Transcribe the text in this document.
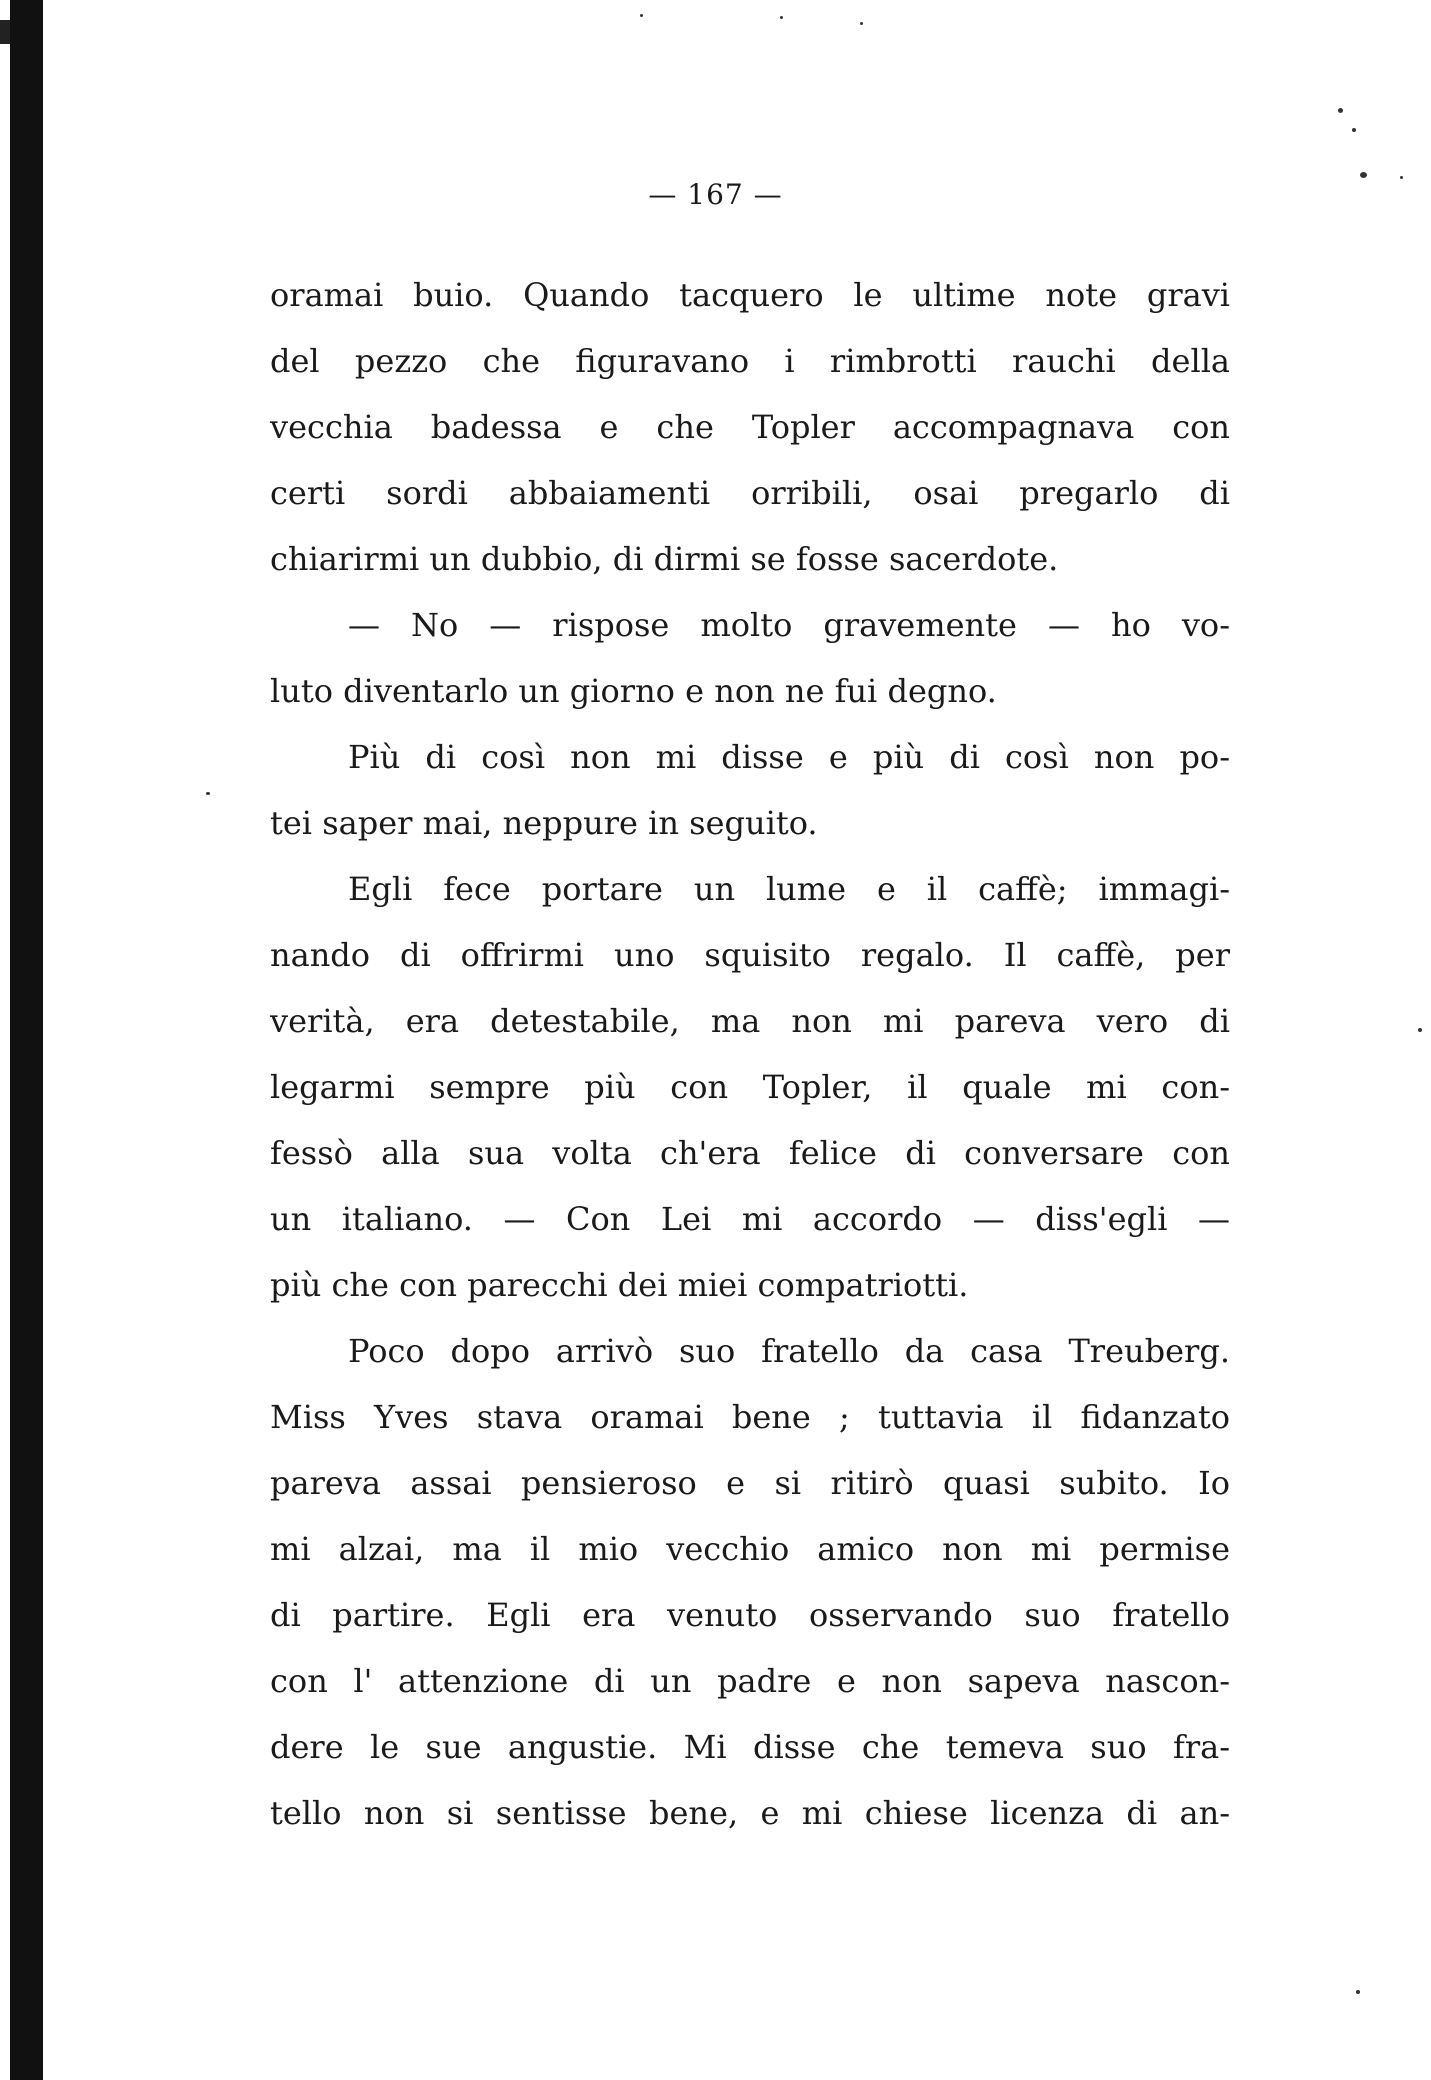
— 167 —
oramai buio. Quando tacquero le ultime note gravi
del pezzo che figuravano i rimbrotti rauchi della
vecchia badessa e che Topler accompagnava con
certi sordi abbaiamenti orribili, osai pregarlo di
chiarirmi un dubbio, di dirmi se fosse sacerdote.
— No — rispose molto gravemente — ho vo-
luto diventarlo un giorno e non ne fui degno.
Più di così non mi disse e più di così non po-
tei saper mai, neppure in seguito.
Egli fece portare un lume e il caffè; immagi-
nando di offrirmi uno squisito regalo. Il caffè, per
verità, era detestabile, ma non mi pareva vero di
legarmi sempre più con Topler, il quale mi con-
fessò alla sua volta ch'era felice di conversare con
un italiano. — Con Lei mi accordo — diss'egli —
più che con parecchi dei miei compatriotti.
Poco dopo arrivò suo fratello da casa Treuberg.
Miss Yves stava oramai bene ; tuttavia il fidanzato
pareva assai pensieroso e si ritirò quasi subito. Io
mi alzai, ma il mio vecchio amico non mi permise
di partire. Egli era venuto osservando suo fratello
con l' attenzione di un padre e non sapeva nascon-
dere le sue angustie. Mi disse che temeva suo fra-
tello non si sentisse bene, e mi chiese licenza di an-
